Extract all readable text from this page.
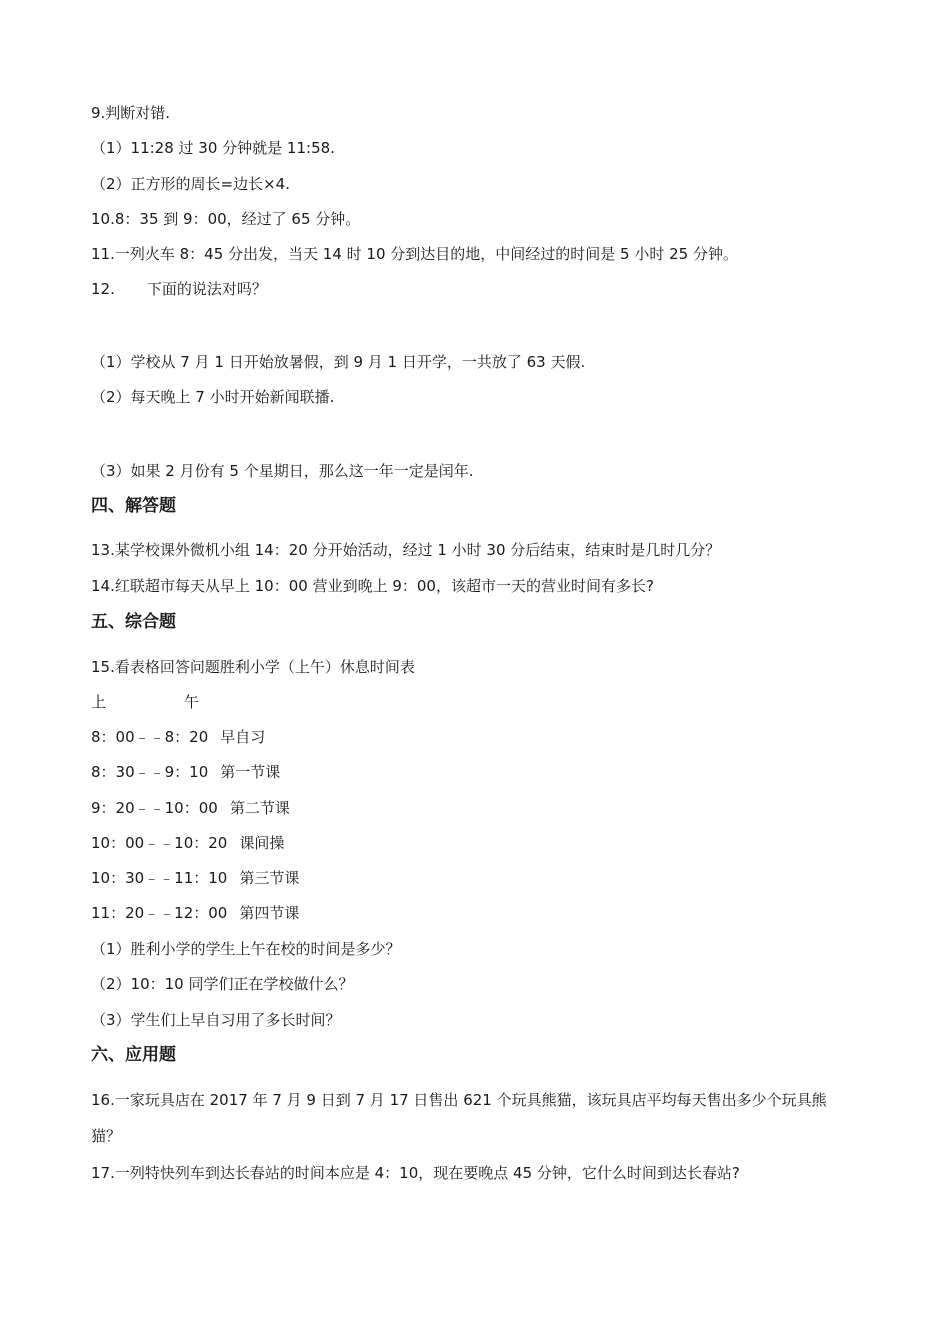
9.判断对错.
（1）11:28 过 30 分钟就是 11:58.
（2）正方形的周长=边长×4.
10.8：35 到 9：00，经过了 65 分钟。
11.一列火车 8：45 分出发，当天 14 时 10 分到达目的地，中间经过的时间是 5 小时 25 分钟。
12. 下面的说法对吗？
（1）学校从 7 月 1 日开始放暑假，到 9 月 1 日开学，一共放了 63 天假.
（2）每天晚上 7 小时开始新闻联播.
（3）如果 2 月份有 5 个星期日，那么这一年一定是闰年.
四、解答题
13.某学校课外微机小组 14：20 分开始活动，经过 1 小时 30 分后结束，结束时是几时几分？
14.红联超市每天从早上 10：00 营业到晚上 9：00，该超市一天的营业时间有多长?
五、综合题
15.看表格回答问题胜利小学（上午）休息时间表
上	午
8：00﹣﹣8：20 早自习
8：30﹣﹣9：10 第一节课
9：20﹣﹣10：00 第二节课
10：00﹣﹣10：20 课间操
10：30﹣﹣11：10 第三节课
11：20﹣﹣12：00 第四节课
（1）胜利小学的学生上午在校的时间是多少？
（2）10：10 同学们正在学校做什么？
（3）学生们上早自习用了多长时间？
六、应用题
16.一家玩具店在 2017 年 7 月 9 日到 7 月 17 日售出 621 个玩具熊猫，该玩具店平均每天售出多少个玩具熊
猫？
17.一列特快列车到达长春站的时间本应是 4：10，现在要晚点 45 分钟，它什么时间到达长春站?
